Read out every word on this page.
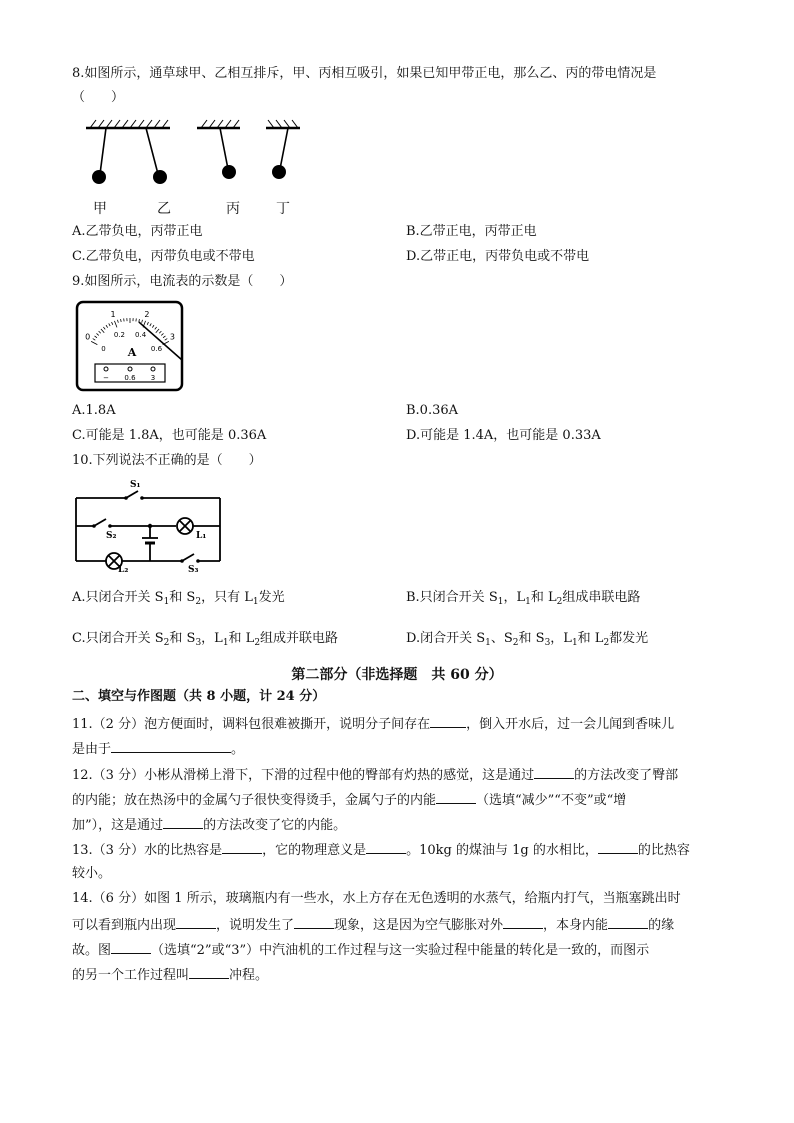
8.如图所示，通草球甲、乙相互排斥，甲、丙相互吸引，如果已知甲带正电，那么乙、丙的带电情况是
（　　）
甲	乙	丙	丁
A.乙带负电，丙带正电	B.乙带正电，丙带正电
C.乙带负电，丙带负电或不带电	D.乙带正电，丙带负电或不带电
9.如图所示，电流表的示数是（　　）
0
1	2
3
0
0.2 0.4
0.6
A
− 0.6 3
A.1.8A	B.0.36A
C.可能是 1.8A，也可能是 0.36A	D.可能是 1.4A，也可能是 0.33A
10.下列说法不正确的是（　　）
S₁
S₂	L₁
L₂	S₃
A.只闭合开关 $S_1$和 $S_2$，只有 $L_1$发光	B.只闭合开关 $S_1$，$L_1$和 $L_2$组成串联电路
C.只闭合开关 $S_2$和 $S_3$，$L_1$和 $L_2$组成并联电路	D.闭合开关 $S_1$、$S_2$和 $S_3$，$L_1$和 $L_2$都发光
第二部分（非选择题　共 60 分）
二、填空与作图题（共 8 小题，计 24 分）
11.（2 分）泡方便面时，调料包很难被撕开，说明分子间存在	，倒入开水后，过一会儿闻到香味儿
是由于	。
12.（3 分）小彬从滑梯上滑下，下滑的过程中他的臀部有灼热的感觉，这是通过	的方法改变了臀部
的内能；放在热汤中的金属勺子很快变得烫手，金属勺子的内能	（选填“减少”“不变”或“增
加”），这是通过	的方法改变了它的内能。
13.（3 分）水的比热容是	，它的物理意义是	。10kg 的煤油与 1g 的水相比，	的比热容
较小。
14.（6 分）如图 1 所示，玻璃瓶内有一些水，水上方存在无色透明的水蒸气，给瓶内打气，当瓶塞跳出时
可以看到瓶内出现	，说明发生了	现象，这是因为空气膨胀对外	，本身内能	的缘
故。图	（选填“2”或“3”）中汽油机的工作过程与这一实验过程中能量的转化是一致的，而图示
的另一个工作过程叫	冲程。
